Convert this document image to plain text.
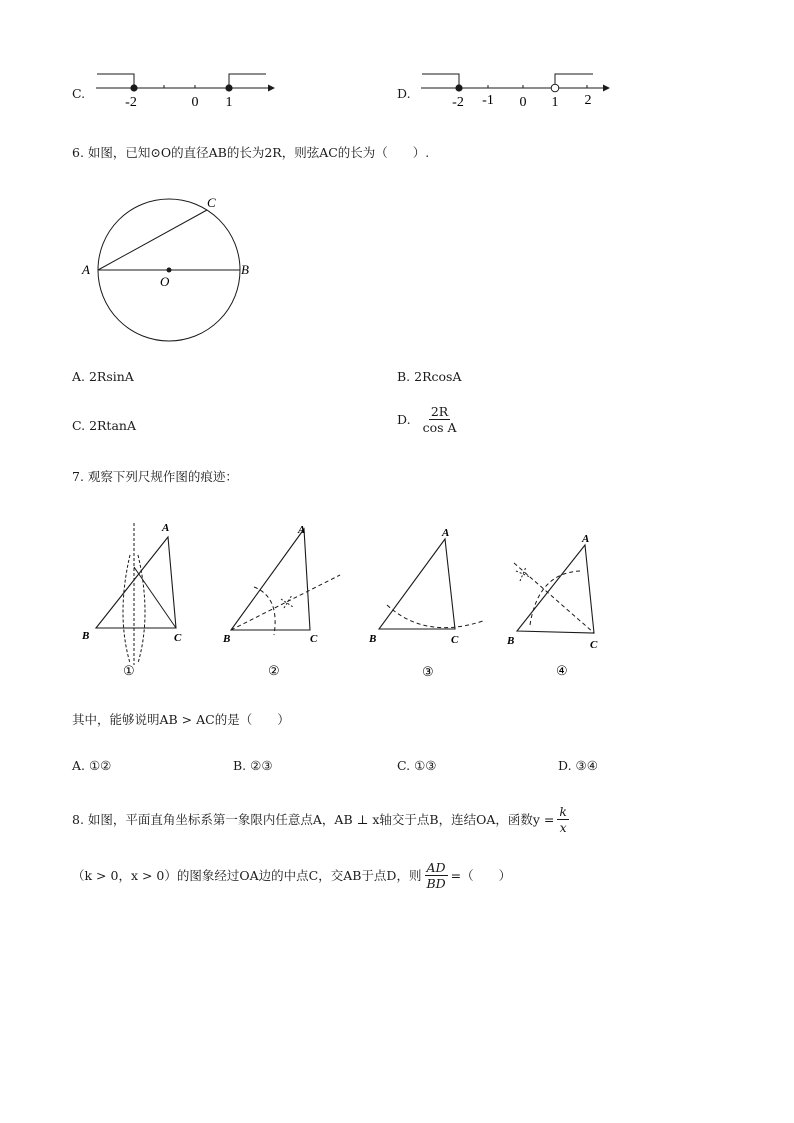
C.
-2	0 1
D.
-2 -1 0 1 2
6. 如图，已知⊙O的直径AB的长为2R，则弦AC的长为（　　）.
A	B
C
O
A. 2RsinA	B. 2RcosA
C. 2RtanA	D. $\frac{2R}{\text{cos A}}$
7. 观察下列尺规作图的痕迹：
A
B	C
①
A
B	C
②
A
B	C
③
A
B	C
④
其中，能够说明AB > AC的是（　　）
A. ①②	B. ②③	C. ①③	D. ③④
8. 如图，平面直角坐标系第一象限内任意点A，AB ⊥ x轴交于点B，连结OA，函数$y = \frac{k}{x}$
（k > 0，x > 0）的图象经过OA边的中点C，交AB于点D，则 $\frac{AD}{BD}$ =（　　）
